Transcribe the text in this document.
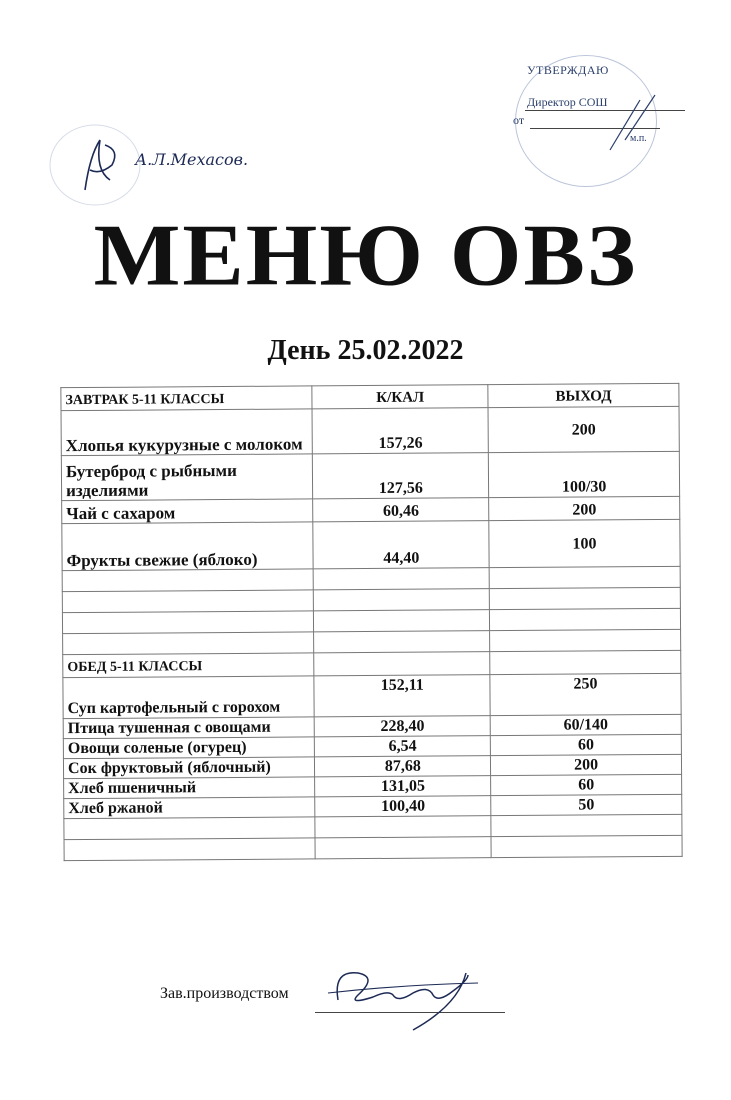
УТВЕРЖДАЮ
Директор СОШ
от
м.п.
А.Л.Мехасов.
МЕНЮ ОВЗ
День 25.02.2022
ЗАВТРАК 5-11 КЛАССЫ	К/КАЛ	ВЫХОД
Хлопья кукурузные с молоком	157,26	200
Бутерброд с рыбными изделиями	127,56	100/30
Чай с сахаром	60,46	200
Фрукты свежие (яблоко)	44,40	100

ОБЕД 5-11 КЛАССЫ		
Суп картофельный с горохом	152,11	250
Птица тушенная с овощами	228,40	60/140
Овощи соленые (огурец)	6,54	60
Сок фруктовый (яблочный)	87,68	200
Хлеб пшеничный	131,05	60
Хлеб ржаной	100,40	50

Зав.производством
